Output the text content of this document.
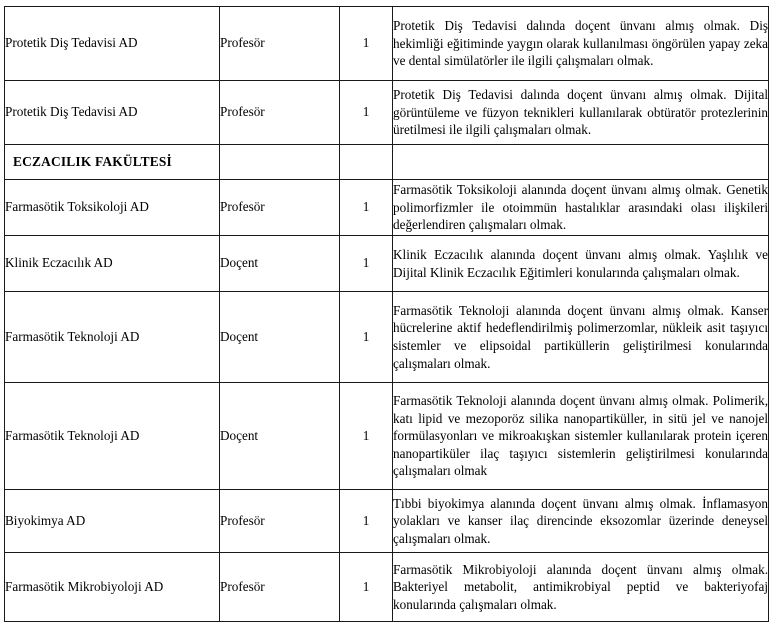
Protetik Diş Tedavisi AD	Profesör	1	Protetik Diş Tedavisi dalında doçent ünvanı almış olmak. Diş hekimliği eğitiminde yaygın olarak kullanılması öngörülen yapay zeka ve dental simülatörler ile ilgili çalışmaları olmak.

Protetik Diş Tedavisi AD	Profesör	1	Protetik Diş Tedavisi dalında doçent ünvanı almış olmak. Dijital görüntüleme ve füzyon teknikleri kullanılarak obtüratör protezlerinin üretilmesi ile ilgili çalışmaları olmak.

ECZACILIK FAKÜLTESİ			

Farmasötik Toksikoloji AD	Profesör	1	Farmasötik Toksikoloji alanında doçent ünvanı almış olmak. Genetik polimorfizmler ile otoimmün hastalıklar arasındaki olası ilişkileri değerlendiren çalışmaları olmak.

Klinik Eczacılık AD	Doçent	1	Klinik Eczacılık alanında doçent ünvanı almış olmak. Yaşlılık ve Dijital Klinik Eczacılık Eğitimleri konularında çalışmaları olmak.

Farmasötik Teknoloji AD	Doçent	1	Farmasötik Teknoloji alanında doçent ünvanı almış olmak. Kanser hücrelerine aktif hedeflendirilmiş polimerzomlar, nükleik asit taşıyıcı sistemler ve elipsoidal partiküllerin geliştirilmesi konularında çalışmaları olmak.

Farmasötik Teknoloji AD	Doçent	1	Farmasötik Teknoloji alanında doçent ünvanı almış olmak. Polimerik, katı lipid ve mezoporöz silika nanopartiküller, in sitü jel ve nanojel formülasyonları ve mikroakışkan sistemler kullanılarak protein içeren nanopartiküler ilaç taşıyıcı sistemlerin geliştirilmesi konularında çalışmaları olmak

Biyokimya AD	Profesör	1	Tıbbi biyokimya alanında doçent ünvanı almış olmak. İnflamasyon yolakları ve kanser ilaç direncinde eksozomlar üzerinde deneysel çalışmaları olmak.

Farmasötik Mikrobiyoloji AD	Profesör	1	Farmasötik Mikrobiyoloji alanında doçent ünvanı almış olmak. Bakteriyel metabolit, antimikrobiyal peptid ve bakteriyofaj konularında çalışmaları olmak.
